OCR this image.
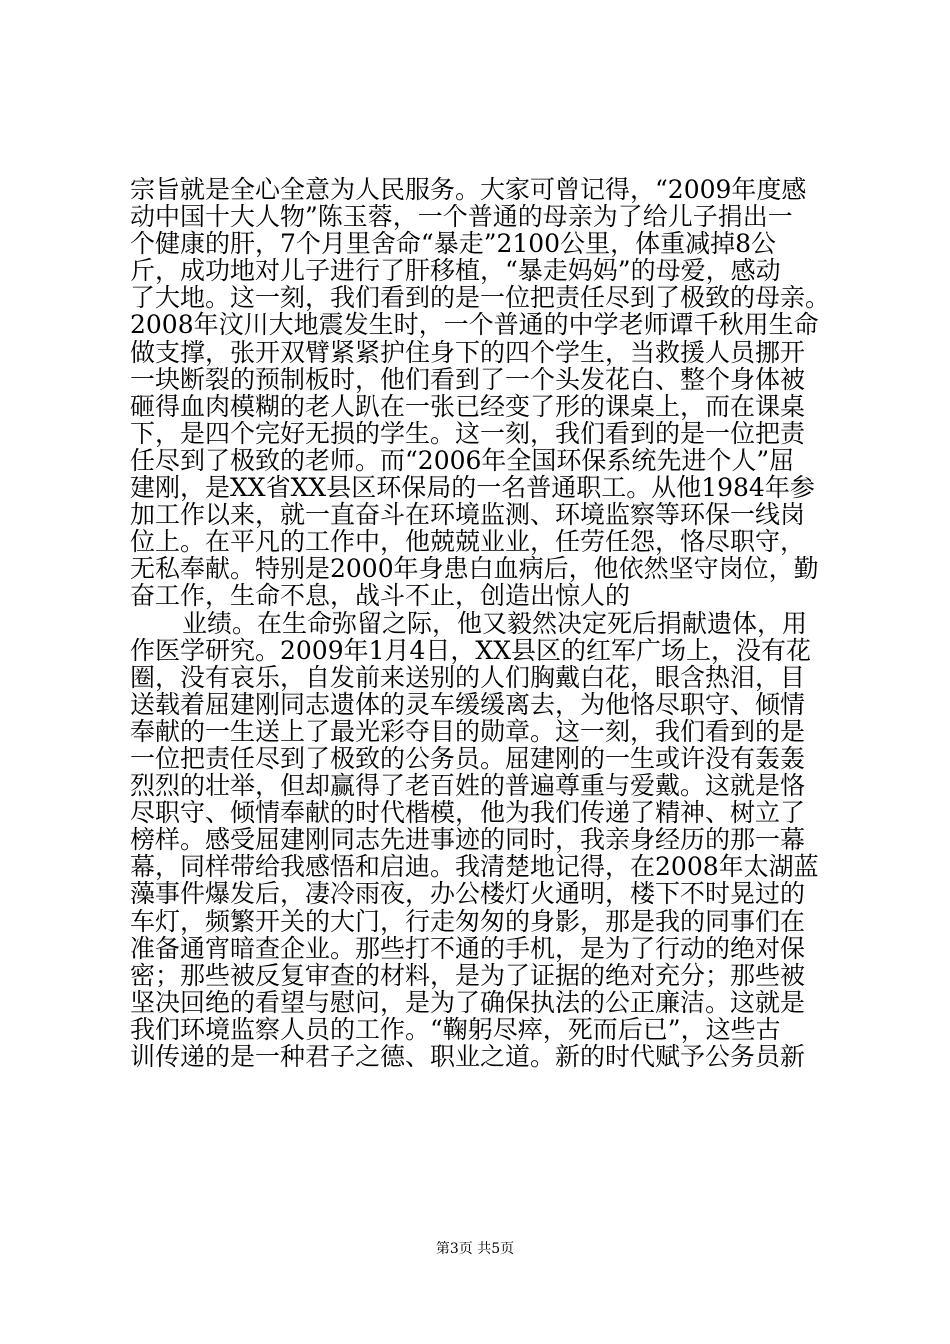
宗旨就是全心全意为人民服务。大家可曾记得，“2009年度感
动中国十大人物”陈玉蓉，一个普通的母亲为了给儿子捐出一
个健康的肝，7个月里舍命“暴走”2100公里，体重减掉8公
斤，成功地对儿子进行了肝移植，“暴走妈妈”的母爱，感动
了大地。这一刻，我们看到的是一位把责任尽到了极致的母亲。
2008年汶川大地震发生时，一个普通的中学老师谭千秋用生命
做支撑，张开双臂紧紧护住身下的四个学生，当救援人员挪开
一块断裂的预制板时，他们看到了一个头发花白、整个身体被
砸得血肉模糊的老人趴在一张已经变了形的课桌上，而在课桌
下，是四个完好无损的学生。这一刻，我们看到的是一位把责
任尽到了极致的老师。而“2006年全国环保系统先进个人”屈
建刚，是XX省XX县区环保局的一名普通职工。从他1984年参
加工作以来，就一直奋斗在环境监测、环境监察等环保一线岗
位上。在平凡的工作中，他兢兢业业，任劳任怨，恪尽职守，
无私奉献。特别是2000年身患白血病后，他依然坚守岗位，勤
奋工作，生命不息，战斗不止，创造出惊人的
业绩。在生命弥留之际，他又毅然决定死后捐献遗体，用
作医学研究。2009年1月4日，XX县区的红军广场上，没有花
圈，没有哀乐，自发前来送别的人们胸戴白花，眼含热泪，目
送载着屈建刚同志遗体的灵车缓缓离去，为他恪尽职守、倾情
奉献的一生送上了最光彩夺目的勋章。这一刻，我们看到的是
一位把责任尽到了极致的公务员。屈建刚的一生或许没有轰轰
烈烈的壮举，但却赢得了老百姓的普遍尊重与爱戴。这就是恪
尽职守、倾情奉献的时代楷模，他为我们传递了精神、树立了
榜样。感受屈建刚同志先进事迹的同时，我亲身经历的那一幕
幕，同样带给我感悟和启迪。我清楚地记得，在2008年太湖蓝
藻事件爆发后，凄冷雨夜，办公楼灯火通明，楼下不时晃过的
车灯，频繁开关的大门，行走匆匆的身影，那是我的同事们在
准备通宵暗查企业。那些打不通的手机，是为了行动的绝对保
密；那些被反复审查的材料，是为了证据的绝对充分；那些被
坚决回绝的看望与慰问，是为了确保执法的公正廉洁。这就是
我们环境监察人员的工作。“鞠躬尽瘁，死而后已”，这些古
训传递的是一种君子之德、职业之道。新的时代赋予公务员新
第3页 共5页
